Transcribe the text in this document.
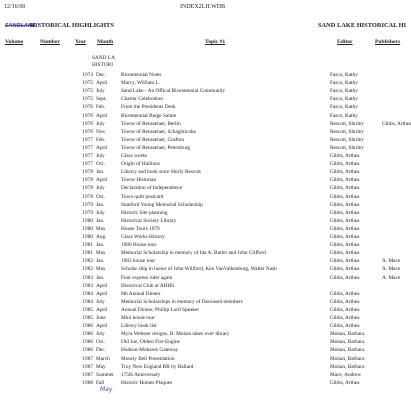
12/16/00	INDEX2LH.WDB
SANDLAKE
HISTORICAL HIGHLIGHTS	SAND LAKE HISTORICAL HI
Volume	Number	Year Month	Topic #1	Editor	Publishers
SAND LA
HISTORI
1974 Dec.	Bicentennial Notes	Fasco, Kathy
1975 April	Marcy, William L.	Fasco, Kathy
1975 July	Sand Lake - An Offical Bicentennial Community	Fasco, Kathy
1975 Sept.	Charter Celebration	Fasco, Kathy
1976 Feb.	From the Presidents Desk	Fasco, Kathy
1976 April	Bicentennial Barge Salute	Fasco, Kathy
1976 July	Towns of Rensselaer, Berlin	Rescott, Shirley	Gibbs, Arthea
1976 Nov.	Towns of Rensselaer, Schaghticoke	Rescott, Shirley
1977 Feb.	Towns of Rensselaer, Grafton	Rescott, Shirley
1977 April	Towns of Rensselaer, Petersburg	Rescott, Shirley
1977 July	Glass works	Gibbs, Arthea
1977 Oct.	Origin of Hallions	Gibbs, Arthea
1978 Jan.	Library and book store Shirly Rescott	Gibbs, Arthea
1978 April	Towns Historian	Gibbs, Arthea
1978 July	Declaration of Independence	Gibbs, Arthea
1978 Oct.	Town quilt postcard	Gibbs, Arthea
1979 Jan.	Stanford Young Memorial Scholarship	Gibbs, Arthea
1979 July	Historic Site planning	Gibbs, Arthea
1980 Jan.	Historical Society Library	Gibbs, Arthea
1980 May	House Tours 1979	Gibbs, Arthea
1980 Aug.	Glass Works History	Gibbs, Arthea
1981 Jan.	1980 House tour	Gibbs, Arthea
1981 May	Memorial Scholarship in memory of Ida A. Butler and John Clifford	Gibbs, Arthea
1982 Jan.	1982 house tour	Gibbs, Arthea	A. Mace
1982 May	Scholar ship in honor of John Willford, Ken VanValkenburg, Walter Nash	Gibbs, Arthea	A. Mace
1983 Jan.	Four express rider again	Gibbs, Arthea	A. Mace
1983 April	Historical Club at AHHS
1984 April	8th Annual Dinner	Gibbs, Arthea
1984 July	Memorial Scholarships in memory of Deceased members	Gibbs, Arthea
1985 April	Annual Dinner, Phillip Lord Speaker	Gibbs, Arthea
1985 June	Mini house tour	Gibbs, Arthea
1986 April	Library book list	Gibbs, Arthea
1986 July	Myra Webster resigns, B. Mohan takes over library	Mohan, Barbara
1986 Oct.	Old Joe, Oldest Fire Engine	Mohan, Barbara
1986 Dec.	Hudson-Mohawk Gateway	Mohan, Barbara
1987 March	Mosely Bell Presentation	Mohan, Barbara
1987 May	Troy New England RR by Ballard	Mohan, Barbara
1987 Summer	175th Anniversary	Mace, Andrew
1988 Fall	Historic Homes Plaques	Gibbs, Arthea
May
